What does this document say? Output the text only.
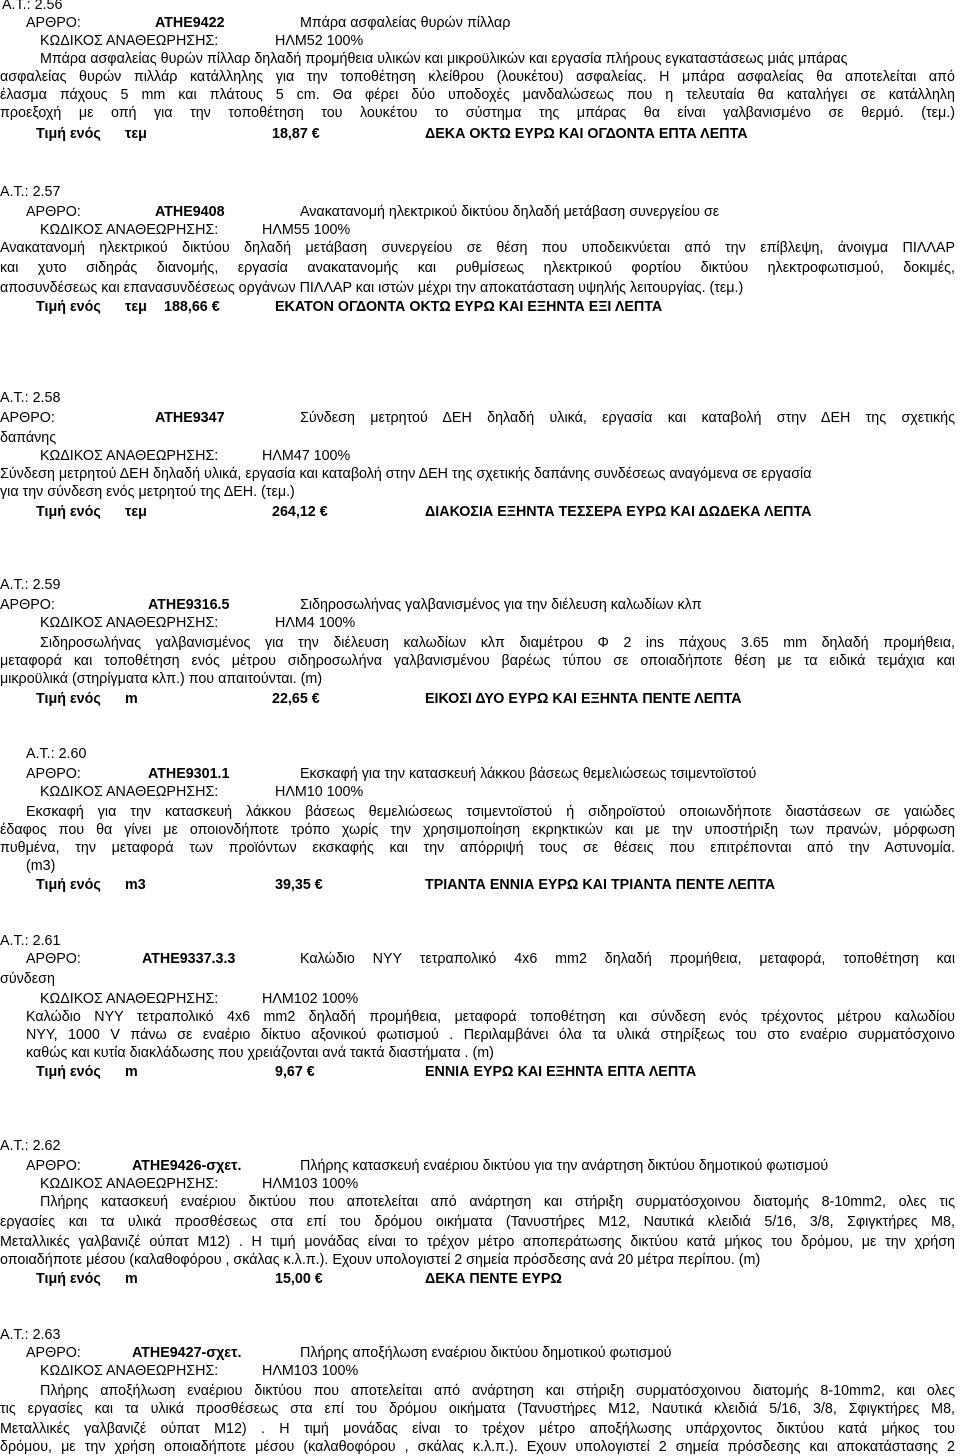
Α.Τ.: 2.56
ΑΡΘΡΟ:	ΑΤΗΕ9422	Μπάρα ασφαλείας θυρών πίλλαρ
ΚΩΔΙΚΟΣ ΑΝΑΘΕΩΡΗΣΗΣ:	ΗΛΜ52 100%
Μπάρα ασφαλείας θυρών πίλλαρ δηλαδή προμήθεια υλικών και μικροϋλικών και εργασία πλήρους εγκαταστάσεως μιάς μπάρας
ασφαλείας θυρών πιλλάρ κατάλληλης για την τοποθέτηση κλείθρου (λουκέτου) ασφαλείας. Η μπάρα ασφαλείας θα αποτελείται από
έλασμα πάχους 5 mm και πλάτους 5 cm. Θα φέρει δύο υποδοχές μανδαλώσεως που η τελευταία θα καταλήγει σε κατάλληλη
προεξοχή με οπή για την τοποθέτηση του λουκέτου το σύστημα της μπάρας θα είναι γαλβανισμένο σε θερμό. (τεμ.)
Τιμή ενός τεμ	18,87 €	ΔΕΚΑ ΟΚΤΩ ΕΥΡΩ ΚΑΙ ΟΓΔΟΝΤΑ ΕΠΤΑ ΛΕΠΤΑ
Α.Τ.: 2.57
ΑΡΘΡΟ:	ΑΤΗΕ9408	Ανακατανομή ηλεκτρικού δικτύου δηλαδή μετάβαση συνεργείου σε
ΚΩΔΙΚΟΣ ΑΝΑΘΕΩΡΗΣΗΣ:	ΗΛΜ55 100%
Ανακατανομή ηλεκτρικού δικτύου δηλαδή μετάβαση συνεργείου σε θέση που υποδεικνύεται από την επίβλεψη, άνοιγμα ΠΙΛΛΑΡ
και χυτο σιδηράς διανομής, εργασία ανακατανομής και ρυθμίσεως ηλεκτρικού φορτίου δικτύου ηλεκτροφωτισμού, δοκιμές,
αποσυνδέσεως και επανασυνδέσεως οργάνων ΠΙΛΛΑΡ και ιστών μέχρι την αποκατάσταση υψηλής λειτουργίας. (τεμ.)
Τιμή ενός τεμ 188,66 €	ΕΚΑΤΟΝ ΟΓΔΟΝΤΑ ΟΚΤΩ ΕΥΡΩ ΚΑΙ ΕΞΗΝΤΑ ΕΞΙ ΛΕΠΤΑ
Α.Τ.: 2.58
ΑΡΘΡΟ:	ΑΤΗΕ9347	Σύνδεση μετρητού ΔΕΗ δηλαδή υλικά, εργασία και καταβολή στην ΔΕΗ της σχετικής
δαπάνης
ΚΩΔΙΚΟΣ ΑΝΑΘΕΩΡΗΣΗΣ:	ΗΛΜ47 100%
Σύνδεση μετρητού ΔΕΗ δηλαδή υλικά, εργασία και καταβολή στην ΔΕΗ της σχετικής δαπάνης συνδέσεως αναγόμενα σε εργασία
για την σύνδεση ενός μετρητού της ΔΕΗ. (τεμ.)
Τιμή ενός τεμ	264,12 €	ΔΙΑΚΟΣΙΑ ΕΞΗΝΤΑ ΤΕΣΣΕΡΑ ΕΥΡΩ ΚΑΙ ΔΩΔΕΚΑ ΛΕΠΤΑ
Α.Τ.: 2.59
ΑΡΘΡΟ:	ΑΤΗΕ9316.5	Σιδηροσωλήνας γαλβανισμένος για την διέλευση καλωδίων κλπ
ΚΩΔΙΚΟΣ ΑΝΑΘΕΩΡΗΣΗΣ:	ΗΛΜ4 100%
Σιδηροσωλήνας γαλβανισμένος για την διέλευση καλωδίων κλπ διαμέτρου Φ 2 ins πάχους 3.65 mm δηλαδή προμήθεια,
μεταφορά και τοποθέτηση ενός μέτρου σιδηροσωλήνα γαλβανισμένου βαρέως τύπου σε οποιαδήποτε θέση με τα ειδικά τεμάχια και
μικροϋλικά (στηρίγματα κλπ.) που απαιτούνται. (m)
Τιμή ενός m	22,65 €	ΕΙΚΟΣΙ ΔΥΟ ΕΥΡΩ ΚΑΙ ΕΞΗΝΤΑ ΠΕΝΤΕ ΛΕΠΤΑ
Α.Τ.: 2.60
ΑΡΘΡΟ:	ΑΤΗΕ9301.1	Εκσκαφή για την κατασκευή λάκκου βάσεως θεμελιώσεως τσιμεντοϊστού
ΚΩΔΙΚΟΣ ΑΝΑΘΕΩΡΗΣΗΣ:	ΗΛΜ10 100%
Εκσκαφή για την κατασκευή λάκκου βάσεως θεμελιώσεως τσιμεντοϊστού ή σιδηροϊστού οποιωνδήποτε διαστάσεων σε γαιώδες
έδαφος που θα γίνει με οποιονδήποτε τρόπο χωρίς την χρησιμοποίηση εκρηκτικών και με την υποστήριξη των πρανών, μόρφωση
πυθμένα, την μεταφορά των προϊόντων εκσκαφής και την απόρριψή τους σε θέσεις που επιτρέπονται από την Αστυνομία.
(m3)
Τιμή ενός m3	39,35 €	ΤΡΙΑΝΤΑ ΕΝΝΙΑ ΕΥΡΩ ΚΑΙ ΤΡΙΑΝΤΑ ΠΕΝΤΕ ΛΕΠΤΑ
Α.Τ.: 2.61
ΑΡΘΡΟ:	ΑΤΗΕ9337.3.3	Καλώδιο ΝΥΥ τετραπολικό 4x6 mm2 δηλαδή προμήθεια, μεταφορά, τοποθέτηση και
σύνδεση
ΚΩΔΙΚΟΣ ΑΝΑΘΕΩΡΗΣΗΣ:	ΗΛΜ102 100%
Καλώδιο ΝΥΥ τετραπολικό 4x6 mm2 δηλαδή προμήθεια, μεταφορά τοποθέτηση και σύνδεση ενός τρέχοντος μέτρου καλωδίου
ΝΥΥ, 1000 V πάνω σε εναέριο δίκτυο αξονικού φωτισμού . Περιλαμβάνει όλα τα υλικά στηρίξεως του στο εναέριο συρματόσχοινο
καθώς και κυτία διακλάδωσης που χρειάζονται ανά τακτά διαστήματα . (m)
Τιμή ενός m	9,67 €	ΕΝΝΙΑ ΕΥΡΩ ΚΑΙ ΕΞΗΝΤΑ ΕΠΤΑ ΛΕΠΤΑ
Α.Τ.: 2.62
ΑΡΘΡΟ:	ΑΤΗΕ9426-σχετ.	Πλήρης κατασκευή εναέριου δικτύου για την ανάρτηση δικτύου δημοτικού φωτισμού
ΚΩΔΙΚΟΣ ΑΝΑΘΕΩΡΗΣΗΣ:	ΗΛΜ103 100%
Πλήρης κατασκευή εναέριου δικτύου που αποτελείται από ανάρτηση και στήριξη συρματόσχοινου διατομής 8-10mm2, ολες τις
εργασίες και τα υλικά προσθέσεως στα επί του δρόμου οικήματα (Τανυστήρες Μ12, Ναυτικά κλειδιά 5/16, 3/8, Σφιγκτήρες Μ8,
Μεταλλικές γαλβανιζέ ούπατ Μ12) . Η τιμή μονάδας είναι το τρέχον μέτρο αποπεράτωσης δικτύου κατά μήκος του δρόμου, με την χρήση
οποιαδήποτε μέσου (καλαθοφόρου , σκάλας κ.λ.π.). Εχουν υπολογιστεί 2 σημεία πρόσδεσης ανά 20 μέτρα περίπου. (m)
Τιμή ενός m	15,00 €	ΔΕΚΑ ΠΕΝΤΕ ΕΥΡΩ
Α.Τ.: 2.63
ΑΡΘΡΟ:	ΑΤΗΕ9427-σχετ.	Πλήρης αποξήλωση εναέριου δικτύου δημοτικού φωτισμού
ΚΩΔΙΚΟΣ ΑΝΑΘΕΩΡΗΣΗΣ:	ΗΛΜ103 100%
Πλήρης αποξήλωση εναέριου δικτύου που αποτελείται από ανάρτηση και στήριξη συρματόσχοινου διατομής 8-10mm2, και ολες
τις εργασίες και τα υλικά προσθέσεως στα επί του δρόμου οικήματα (Τανυστήρες Μ12, Ναυτικά κλειδιά 5/16, 3/8, Σφιγκτήρες Μ8,
Μεταλλικές γαλβανιζέ ούπατ Μ12) . Η τιμή μονάδας είναι το τρέχον μέτρο αποξήλωσης υπάρχοντος δικτύου κατά μήκος του
δρόμου, με την χρήση οποιαδήποτε μέσου (καλαθοφόρου , σκάλας κ.λ.π.). Εχουν υπολογιστεί 2 σημεία πρόσδεσης και αποκατάστασης 2
